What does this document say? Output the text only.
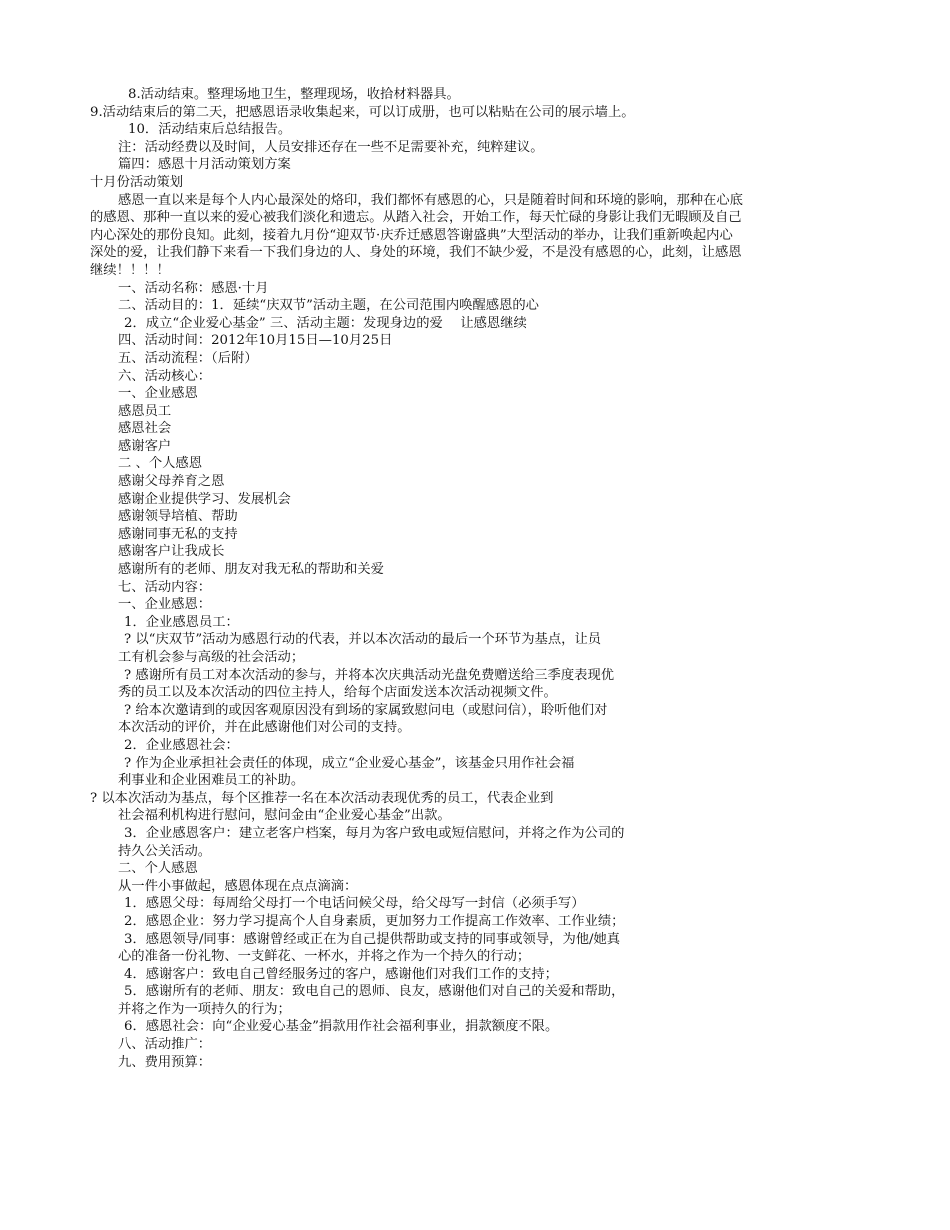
8.活动结束。整理场地卫生，整理现场，收拾材料器具。
9.活动结束后的第二天，把感恩语录收集起来，可以订成册，也可以粘贴在公司的展示墙上。
10．活动结束后总结报告。
注：活动经费以及时间，人员安排还存在一些不足需要补充，纯粹建议。
篇四：感恩十月活动策划方案
十月份活动策划
感恩一直以来是每个人内心最深处的烙印，我们都怀有感恩的心，只是随着时间和环境的影响，那种在心底
的感恩、那种一直以来的爱心被我们淡化和遗忘。从踏入社会，开始工作，每天忙碌的身影让我们无暇顾及自己
内心深处的那份良知。此刻，接着九月份“迎双节·庆乔迁感恩答谢盛典”大型活动的举办，让我们重新唤起内心
深处的爱，让我们静下来看一下我们身边的人、身处的环境，我们不缺少爱，不是没有感恩的心，此刻，让感恩
继续！！！！
一、活动名称：感恩·十月
二、活动目的：1．延续“庆双节”活动主题，在公司范围内唤醒感恩的心
2．成立“企业爱心基金” 三、活动主题：发现身边的爱　 让感恩继续
四、活动时间：2012年10月15日—10月25日
五、活动流程：（后附）
六、活动核心：
一、企业感恩
感恩员工
感恩社会
感谢客户
二 、个人感恩
感谢父母养育之恩
感谢企业提供学习、发展机会
感谢领导培植、帮助
感谢同事无私的支持
感谢客户让我成长
感谢所有的老师、朋友对我无私的帮助和关爱
七、活动内容：
一、企业感恩：
1．企业感恩员工：
? 以“庆双节”活动为感恩行动的代表，并以本次活动的最后一个环节为基点，让员
工有机会参与高级的社会活动；
? 感谢所有员工对本次活动的参与，并将本次庆典活动光盘免费赠送给三季度表现优
秀的员工以及本次活动的四位主持人，给每个店面发送本次活动视频文件。
? 给本次邀请到的或因客观原因没有到场的家属致慰问电（或慰问信），聆听他们对
本次活动的评价，并在此感谢他们对公司的支持。
2．企业感恩社会：
? 作为企业承担社会责任的体现，成立“企业爱心基金”，该基金只用作社会福
利事业和企业困难员工的补助。
? 以本次活动为基点，每个区推荐一名在本次活动表现优秀的员工，代表企业到
社会福利机构进行慰问，慰问金由“企业爱心基金”出款。
3．企业感恩客户：建立老客户档案，每月为客户致电或短信慰问，并将之作为公司的
持久公关活动。
二、个人感恩
从一件小事做起，感恩体现在点点滴滴：
1．感恩父母：每周给父母打一个电话问候父母，给父母写一封信（必须手写）
2．感恩企业：努力学习提高个人自身素质，更加努力工作提高工作效率、工作业绩；
3．感恩领导/同事：感谢曾经或正在为自己提供帮助或支持的同事或领导，为他/她真
心的准备一份礼物、一支鲜花、一杯水，并将之作为一个持久的行动；
4．感谢客户：致电自己曾经服务过的客户，感谢他们对我们工作的支持；
5．感谢所有的老师、朋友：致电自己的恩师、良友，感谢他们对自己的关爱和帮助，
并将之作为一项持久的行为；
6．感恩社会：向“企业爱心基金”捐款用作社会福利事业，捐款额度不限。
八、活动推广：
九、费用预算：
